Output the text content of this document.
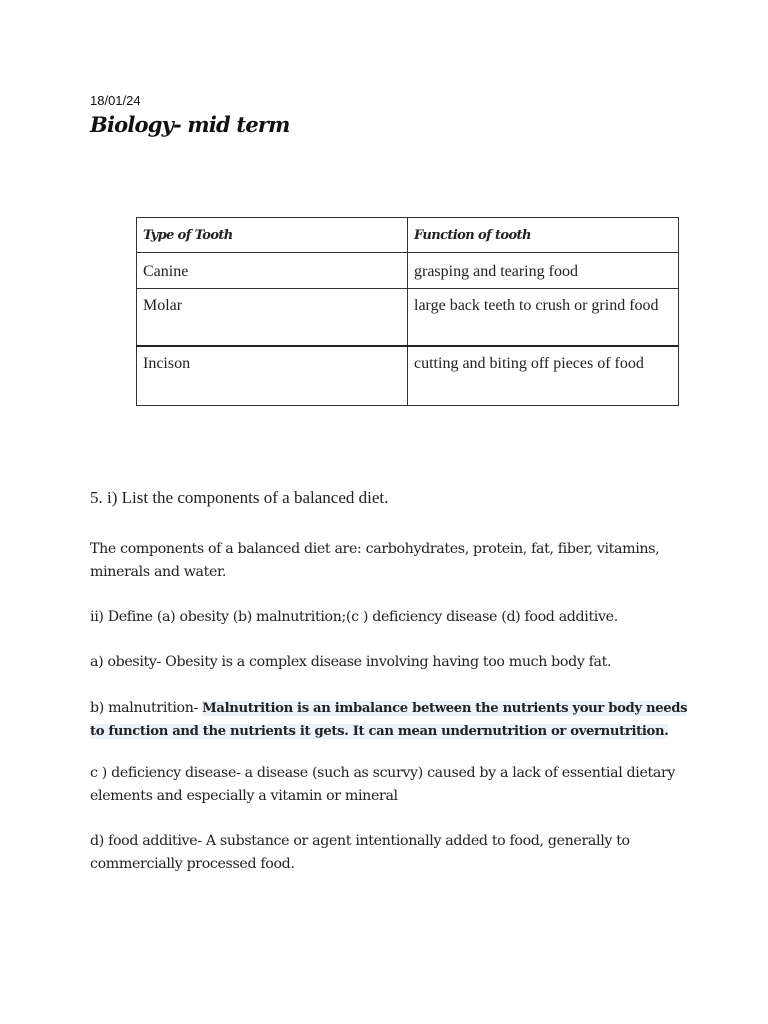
18/01/24
Biology- mid term
Type of Tooth	Function of tooth
Canine	grasping and tearing food
Molar	large back teeth to crush or grind food
Incison	cutting and biting off pieces of food
5. i) List the components of a balanced diet.
The components of a balanced diet are: carbohydrates, protein, fat, fiber, vitamins, minerals and water.
ii) Define (a) obesity (b) malnutrition;(c ) deficiency disease (d) food additive.
a) obesity- Obesity is a complex disease involving having too much body fat.
b) malnutrition- Malnutrition is an imbalance between the nutrients your body needs to function and the nutrients it gets. It can mean undernutrition or overnutrition.
c ) deficiency disease- a disease (such as scurvy) caused by a lack of essential dietary elements and especially a vitamin or mineral
d) food additive- A substance or agent intentionally added to food, generally to commercially processed food.
